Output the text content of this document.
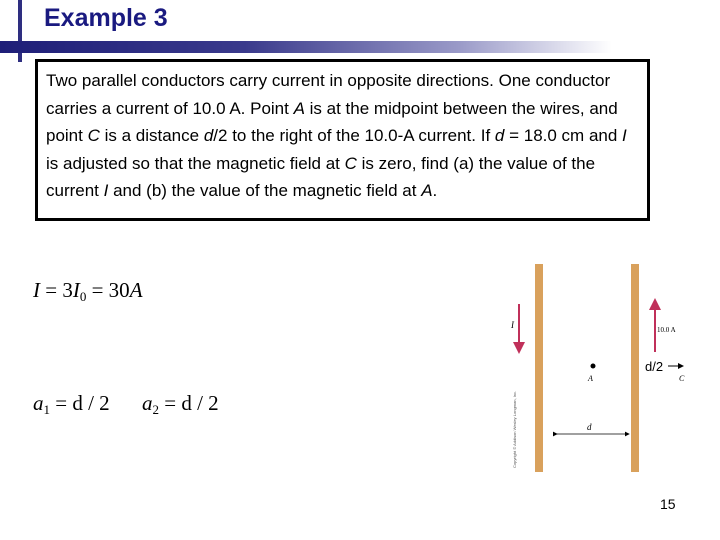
Example 3
Two parallel conductors carry current in opposite directions. One conductor carries a current of 10.0 A. Point A is at the midpoint between the wires, and point C is a distance d/2 to the right of the 10.0-A current. If d = 18.0 cm and I is adjusted so that the magnetic field at C is zero, find (a) the value of the current I and (b) the value of the magnetic field at A.
$I = 3I_0 = 30A$
$a_1 = d / 2$ $a_2 = d / 2$
I	10.0 A
A
d/2
C
d
Copyright © Addison Wesley Longman, Inc.
15
